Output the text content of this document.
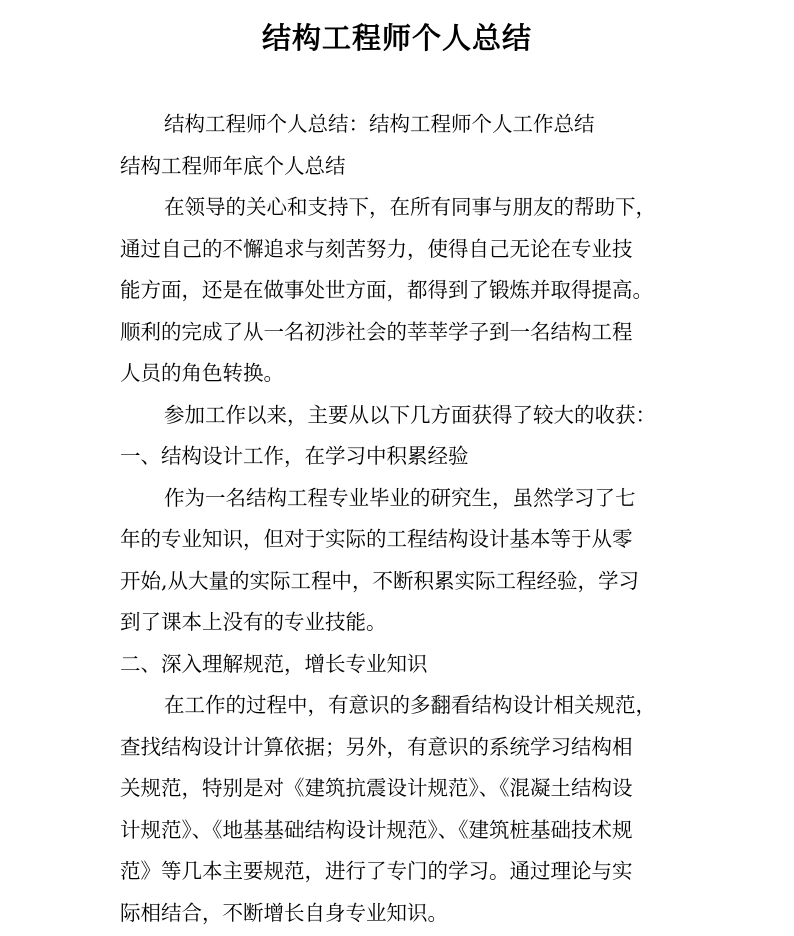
结构工程师个人总结
结构工程师个人总结：结构工程师个人工作总结
结构工程师年底个人总结
在领导的关心和支持下，在所有同事与朋友的帮助下，
通过自己的不懈追求与刻苦努力，使得自己无论在专业技
能方面，还是在做事处世方面，都得到了锻炼并取得提高。
顺利的完成了从一名初涉社会的莘莘学子到一名结构工程
人员的角色转换。
参加工作以来，主要从以下几方面获得了较大的收获：
一、结构设计工作，在学习中积累经验
作为一名结构工程专业毕业的研究生，虽然学习了七
年的专业知识，但对于实际的工程结构设计基本等于从零
开始,从大量的实际工程中，不断积累实际工程经验，学习
到了课本上没有的专业技能。
二、深入理解规范，增长专业知识
在工作的过程中，有意识的多翻看结构设计相关规范，
查找结构设计计算依据；另外，有意识的系统学习结构相
关规范，特别是对《建筑抗震设计规范》、《混凝土结构设
计规范》、《地基基础结构设计规范》、《建筑桩基础技术规
范》等几本主要规范，进行了专门的学习。通过理论与实
际相结合，不断增长自身专业知识。
